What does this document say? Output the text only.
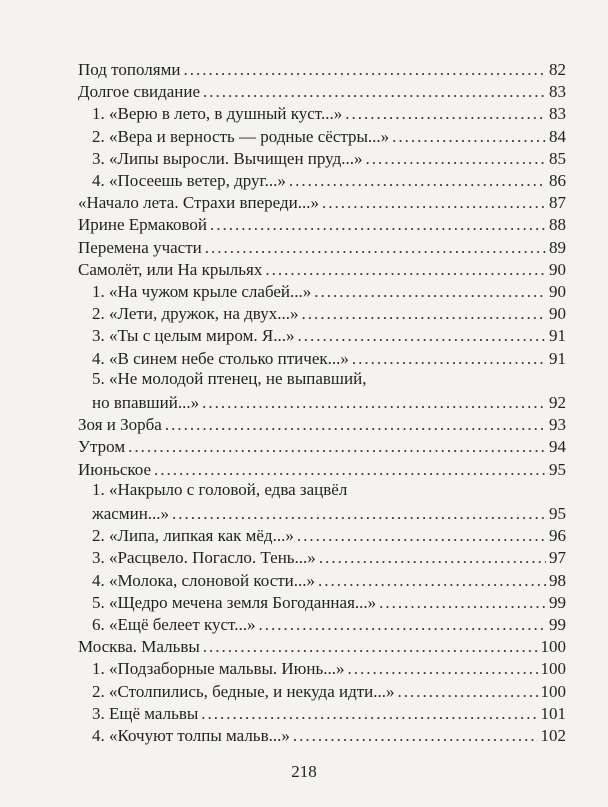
Под тополями .....	82
Долгое свидание .....	83
1. «Верю в лето, в душный куст...» .....	83
2. «Вера и верность — родные сёстры...» .....	84
3. «Липы выросли. Вычищен пруд...» .....	85
4. «Посеешь ветер, друг...» .....	86
«Начало лета. Страхи впереди...» .....	87
Ирине Ермаковой .....	88
Перемена участи .....	89
Самолёт, или На крыльях .....	90
1. «На чужом крыле слабей...» .....	90
2. «Лети, дружок, на двух...» .....	90
3. «Ты с целым миром. Я...» .....	91
4. «В синем небе столько птичек...» .....	91
5. «Не молодой птенец, не выпавший,
но впавший...» .....	92
Зоя и Зорба .....	93
Утром .....	94
Июньское .....	95
1. «Накрыло с головой, едва зацвёл
жасмин...» .....	95
2. «Липа, липкая как мёд...» .....	96
3. «Расцвело. Погасло. Тень...» .....	97
4. «Молока, слоновой кости...» .....	98
5. «Щедро мечена земля Богоданная...» .....	99
6. «Ещё белеет куст...» .....	99
Москва. Мальвы .....	100
1. «Подзаборные мальвы. Июнь...» .....	100
2. «Столпились, бедные, и некуда идти...» .....	100
3. Ещё мальвы .....	101
4. «Кочуют толпы мальв...» .....	102
218
